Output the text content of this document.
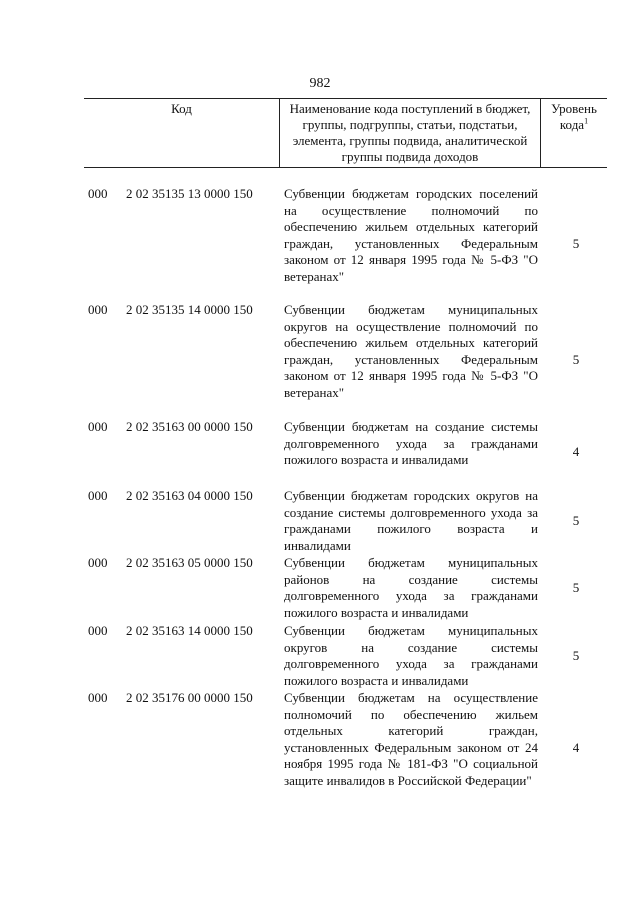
982
Код	Наименование кода поступлений в бюджет, группы, подгруппы, статьи, подстатьи, элемента, группы подвида, аналитической группы подвида доходов
Уровень кода$^1$
000 2 02 35135 13 0000 150 Субвенции бюджетам городских поселений на осуществление полномочий по обеспечению жильем отдельных категорий граждан, установленных Федеральным законом от 12 января 1995 года № 5-ФЗ "О ветеранах"
5
000 2 02 35135 14 0000 150 Субвенции бюджетам муниципальных округов на осуществление полномочий по обеспечению жильем отдельных категорий граждан, установленных Федеральным законом от 12 января 1995 года № 5-ФЗ "О ветеранах"
5
000 2 02 35163 00 0000 150 Субвенции бюджетам на создание системы долговременного ухода за гражданами пожилого возраста и инвалидами
4
000 2 02 35163 04 0000 150 Субвенции бюджетам городских округов на создание системы долговременного ухода за гражданами пожилого возраста и инвалидами
5
000 2 02 35163 05 0000 150 Субвенции бюджетам муниципальных районов на создание системы долговременного ухода за гражданами пожилого возраста и инвалидами
5
000 2 02 35163 14 0000 150 Субвенции бюджетам муниципальных округов на создание системы долговременного ухода за гражданами пожилого возраста и инвалидами
5
000 2 02 35176 00 0000 150 Субвенции бюджетам на осуществление полномочий по обеспечению жильем отдельных категорий граждан, установленных Федеральным законом от 24 ноября 1995 года № 181-ФЗ "О социальной защите инвалидов в Российской Федерации"
4
